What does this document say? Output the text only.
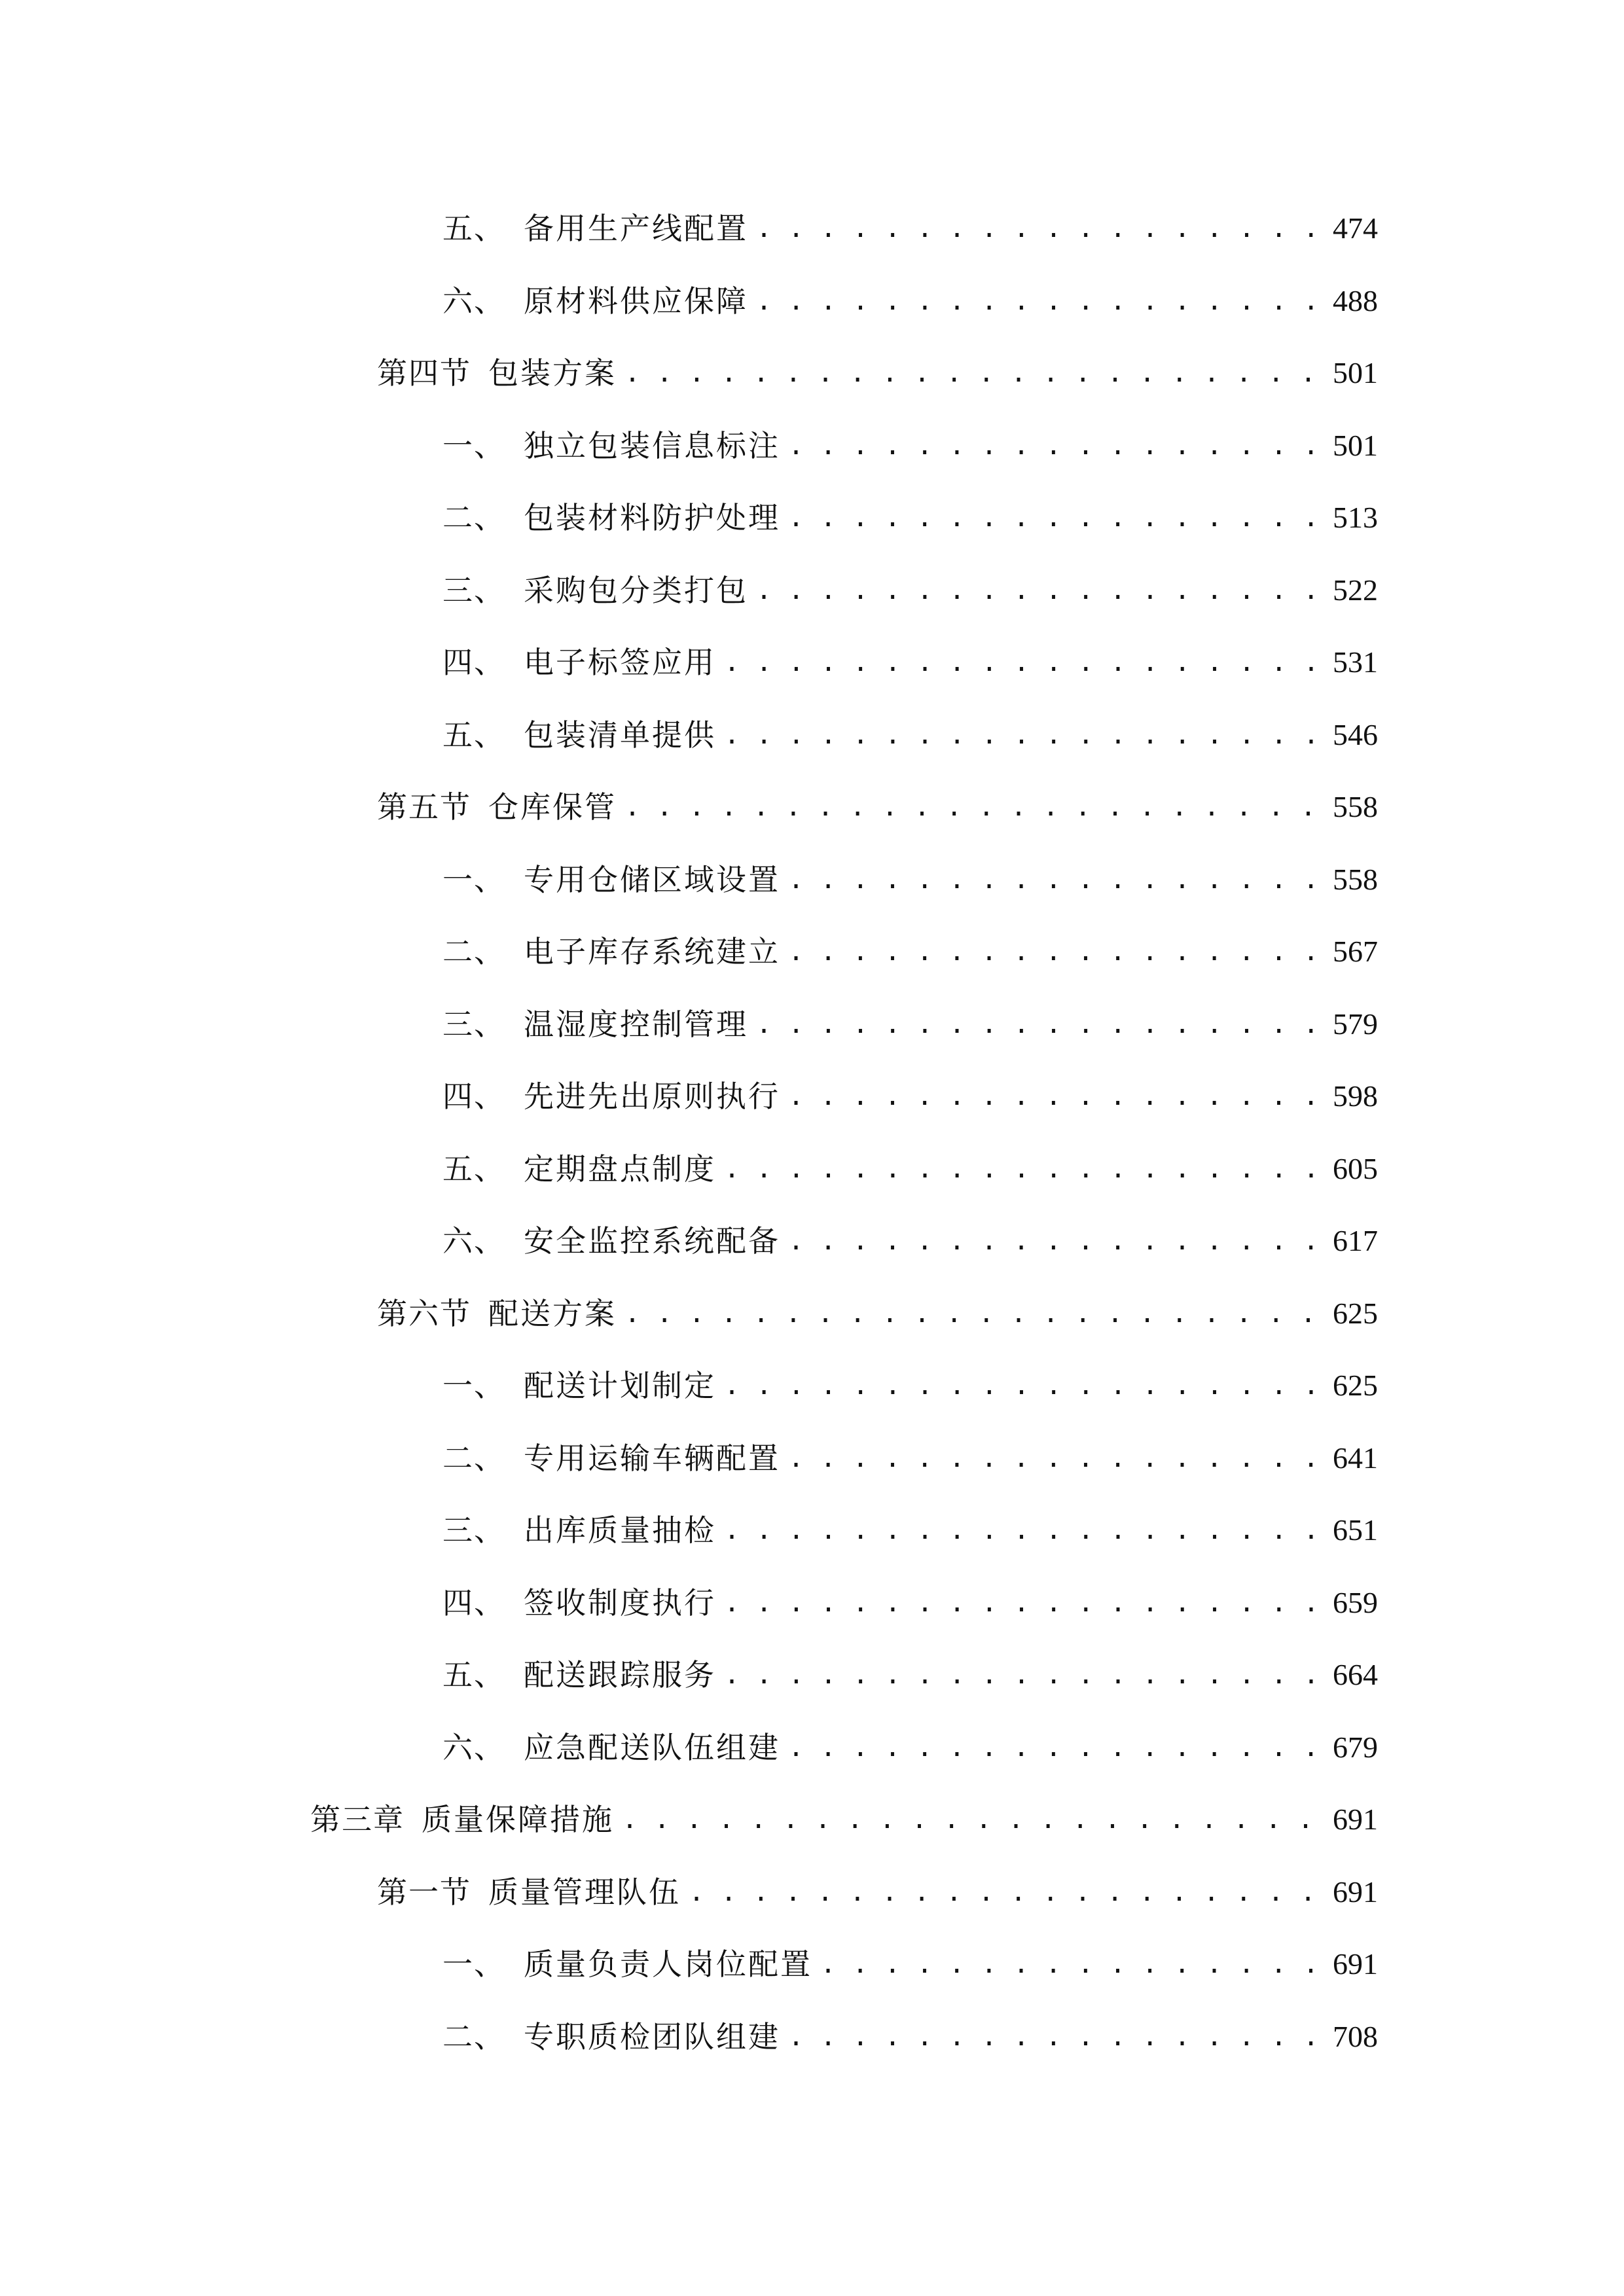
五、 备用生产线配置 . . .	474
六、 原材料供应保障 . . .	488
第四节 包装方案 . . .	501
一、 独立包装信息标注 . . .	501
二、 包装材料防护处理 . . .	513
三、 采购包分类打包 . . .	522
四、 电子标签应用 . . .	531
五、 包装清单提供 . . .	546
第五节 仓库保管 . . .	558
一、 专用仓储区域设置 . . .	558
二、 电子库存系统建立 . . .	567
三、 温湿度控制管理 . . .	579
四、 先进先出原则执行 . . .	598
五、 定期盘点制度 . . .	605
六、 安全监控系统配备 . . .	617
第六节 配送方案 . . .	625
一、 配送计划制定 . . .	625
二、 专用运输车辆配置 . . .	641
三、 出库质量抽检 . . .	651
四、 签收制度执行 . . .	659
五、 配送跟踪服务 . . .	664
六、 应急配送队伍组建 . . .	679
第三章 质量保障措施 . . .	691
第一节 质量管理队伍 . . .	691
一、 质量负责人岗位配置 . . .	691
二、 专职质检团队组建 . . .	708
